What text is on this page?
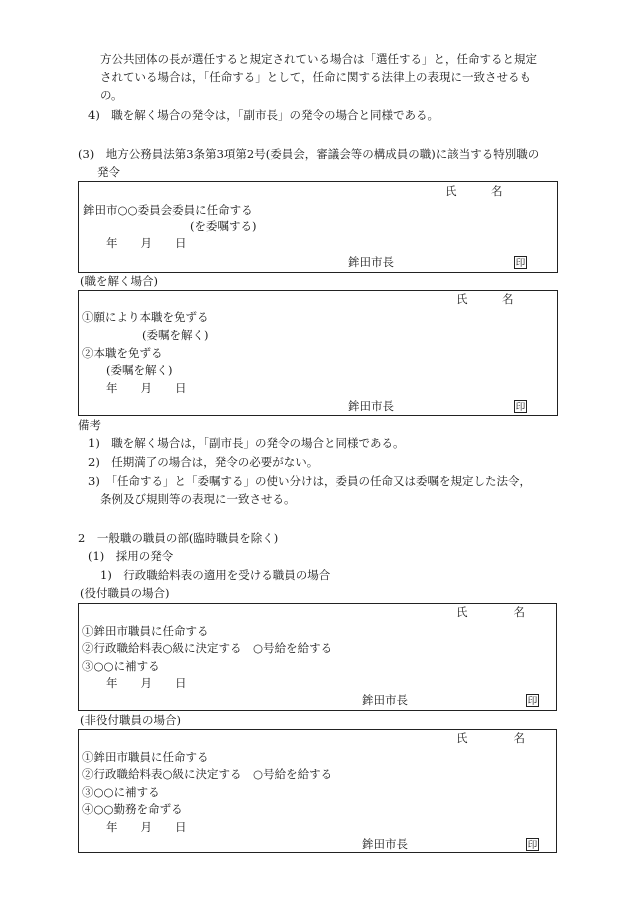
方公共団体の長が選任すると規定されている場合は「選任する」と，任命すると規定
されている場合は，「任命する」として，任命に関する法律上の表現に一致させるも
の。
4)　職を解く場合の発令は，「副市長」の発令の場合と同様である。
(3)　地方公務員法第3条第3項第2号(委員会，審議会等の構成員の職)に該当する特別職の
発令
氏　　　名
鉾田市○○委員会委員に任命する
(を委嘱する)
年　　月　　日
鉾田市長	印
(職を解く場合)
氏　　　名
①願により本職を免ずる
(委嘱を解く)
②本職を免ずる
(委嘱を解く)
年　　月　　日
鉾田市長	印
備考
1)　職を解く場合は，「副市長」の発令の場合と同様である。
2)　任期満了の場合は，発令の必要がない。
3)　「任命する」と「委嘱する」の使い分けは，委員の任命又は委嘱を規定した法令，
条例及び規則等の表現に一致させる。
2　一般職の職員の部(臨時職員を除く)
(1)　採用の発令
1)　行政職給料表の適用を受ける職員の場合
(役付職員の場合)
氏　　　　名
①鉾田市職員に任命する
②行政職給料表○級に決定する　○号給を給する
③○○に補する
年　　月　　日
鉾田市長	印
(非役付職員の場合)
氏　　　　名
①鉾田市職員に任命する
②行政職給料表○級に決定する　○号給を給する
③○○に補する
④○○勤務を命ずる
年　　月　　日
鉾田市長	印
